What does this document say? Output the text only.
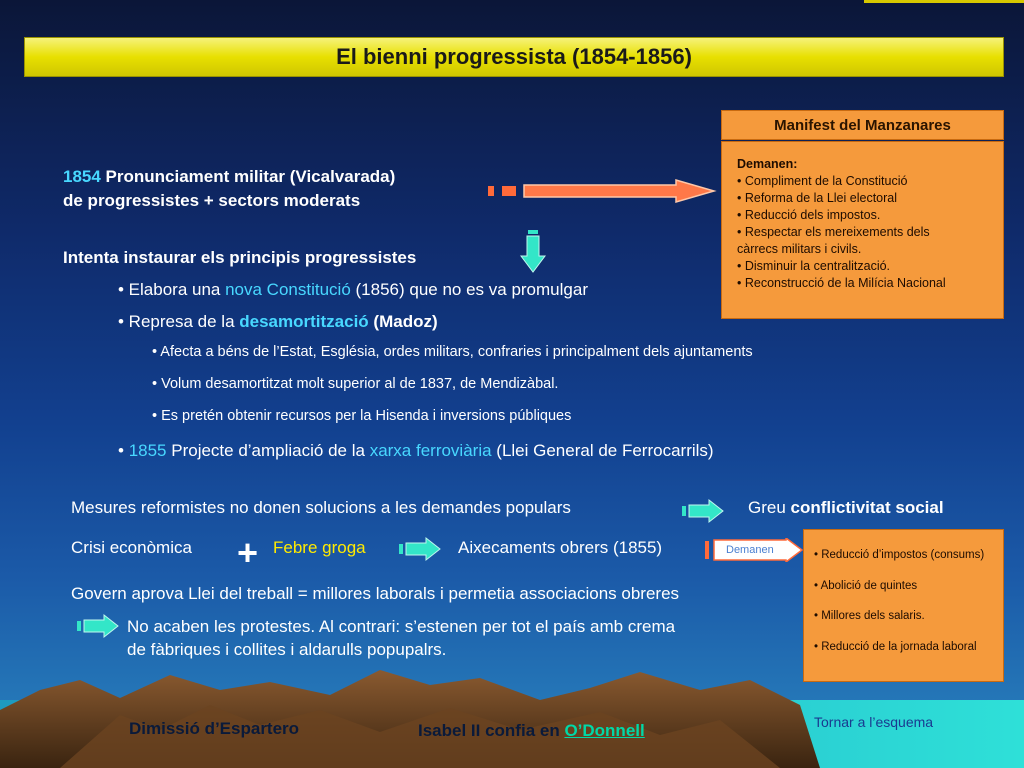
El bienni progressista (1854-1856)
Manifest del Manzanares
Demanen:
• Compliment de la Constitució
• Reforma de la Llei electoral
• Reducció dels impostos.
• Respectar els mereixements dels
càrrecs militars i civils.
• Disminuir la centralització.
• Reconstrucció de la Milícia Nacional
1854 Pronunciament militar (Vicalvarada)
de progressistes + sectors moderats
Intenta instaurar els principis progressistes
• Elabora una nova Constitució (1856) que no es va promulgar
• Represa de la desamortització (Madoz)
• Afecta a béns de l’Estat, Església, ordes militars, confraries i principalment dels ajuntaments
• Volum desamortitzat molt superior al de 1837, de Mendizàbal.
• Es pretén obtenir recursos per la Hisenda i inversions públiques
• 1855 Projecte d’ampliació de la xarxa ferroviària (Llei General de Ferrocarrils)
Mesures reformistes no donen solucions a les demandes populars	Greu conflictivitat social
Crisi econòmica + Febre groga	Aixecaments obrers (1855)	Demanen	• Reducció d’impostos (consums)
• Abolició de quintes
• Millores dels salaris.
• Reducció de la jornada laboral
Govern aprova Llei del treball = millores laborals i permetia associacions obreres
No acaben les protestes. Al contrari: s’estenen per tot el país amb crema
de fàbriques i collites i aldarulls popupalrs.
Dimissió d’Espartero	Isabel II confia en O’Donnell	Tornar a l’esquema
